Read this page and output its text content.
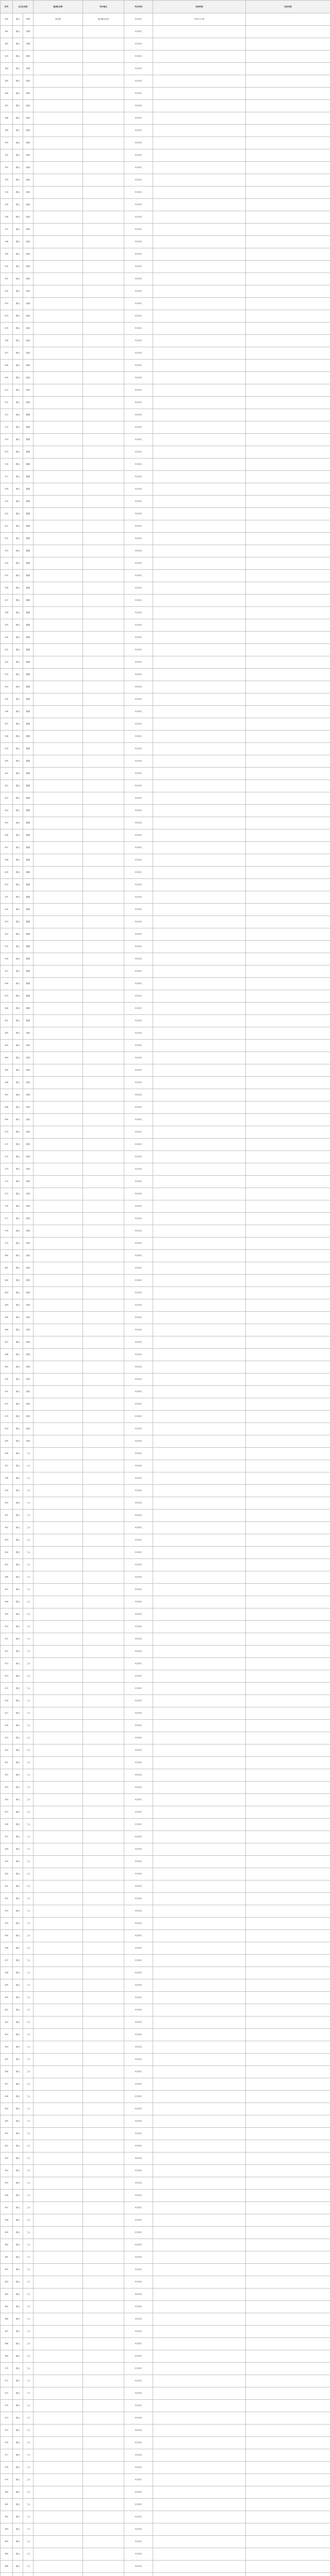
序号	区(县)名称		镇(街)名称	举办地点	举办时间	活动时段	活动名称	
180	佛山	禅城	南庄镇	南庄镇文化站	5月20日	9:30-11:30		
181	佛山	禅城			5月20日			
182	佛山	禅城			5月20日			
183	佛山	禅城			5月20日			
184	佛山	禅城			5月20日			
185	佛山	南海			5月20日			
186	佛山	南海			5月20日			
187	佛山	南海			5月20日			
188	佛山	南海			5月20日			
189	佛山	南海			5月20日			
190	佛山	南海			5月20日			
191	佛山	南海			5月20日			
192	佛山	南海			5月20日			
193	佛山	南海			5月20日			
194	佛山	南海			5月20日			
195	佛山	南海			5月20日			
196	佛山	南海			5月20日			
197	佛山	南海			5月20日			
198	佛山	南海			5月20日			
199	佛山	南海			5月20日			
200	佛山	南海			5月20日			
201	佛山	南海			5月20日			
202	佛山	南海			5月20日			
203	佛山	南海			5月20日			
204	佛山	南海			5月20日			
205	佛山	南海			5月20日			
206	佛山	南海			5月20日			
207	佛山	南海			5月20日			
208	佛山	南海			5月20日			
209	佛山	南海			5月20日			
210	佛山	南海			5月20日			
211	佛山	南海			5月20日			
212	佛山	顺德			5月20日			
213	佛山	顺德			5月20日			
214	佛山	顺德			5月20日			
215	佛山	顺德			5月20日			
216	佛山	顺德			5月20日			
217	佛山	顺德			5月20日			
218	佛山	顺德			5月20日			
219	佛山	顺德			5月20日			
220	佛山	顺德			5月20日			
221	佛山	顺德			5月20日			
222	佛山	顺德			5月20日			
223	佛山	顺德			5月20日			
224	佛山	顺德			5月20日			
225	佛山	顺德			5月20日			
226	佛山	顺德			5月20日			
227	佛山	顺德			5月20日			
228	佛山	顺德			5月20日			
229	佛山	顺德			5月20日			
230	佛山	顺德			5月20日			
231	佛山	顺德			5月20日			
232	佛山	顺德			5月20日			
233	佛山	顺德			5月20日			
234	佛山	顺德			5月20日			
235	佛山	顺德			5月20日			
236	佛山	顺德			5月20日			
237	佛山	顺德			5月20日			
238	佛山	顺德			5月20日			
239	佛山	顺德			5月20日			
240	佛山	顺德			5月20日			
241	佛山	顺德			5月20日			
242	佛山	顺德			5月20日			
243	佛山	顺德			5月20日			
244	佛山	顺德			5月20日			
245	佛山	顺德			5月20日			
246	佛山	顺德			5月20日			
247	佛山	顺德			5月20日			
248	佛山	顺德			5月20日			
249	佛山	顺德			5月20日			
250	佛山	顺德			5月20日			
251	佛山	顺德			5月20日			
252	佛山	顺德			5月20日			
253	佛山	顺德			5月20日			
254	佛山	顺德			5月20日			
255	佛山	顺德			5月20日			
256	佛山	顺德			5月20日			
257	佛山	顺德			5月20日			
258	佛山	顺德			5月20日			
259	佛山	顺德			5月20日			
260	佛山	顺德			5月20日			
261	佛山	顺德			5月20日			
262	佛山	高明			5月20日			
263	佛山	高明			5月20日			
264	佛山	高明			5月20日			
265	佛山	高明			5月20日			
266	佛山	高明			5月20日			
267	佛山	高明			5月20日			
268	佛山	高明			5月20日			
269	佛山	高明			5月20日			
270	佛山	高明			5月20日			
271	佛山	高明			5月20日			
272	佛山	高明			5月20日			
273	佛山	高明			5月20日			
274	佛山	高明			5月20日			
275	佛山	高明			5月20日			
276	佛山	高明			5月20日			
277	佛山	高明			5月20日			
278	佛山	高明			5月20日			
279	佛山	高明			5月20日			
280	佛山	高明			5月20日			
281	佛山	高明			5月20日			
282	佛山	高明			5月20日			
283	佛山	高明			5月20日			
284	佛山	高明			5月20日			
285	佛山	高明			5月20日			
286	佛山	高明			5月20日			
287	佛山	高明			5月20日			
288	佛山	高明			5月20日			
289	佛山	高明			5月20日			
290	佛山	高明			5月20日			
291	佛山	高明			5月20日			
292	佛山	高明			5月20日			
293	佛山	高明			5月20日			
294	佛山	高明			5月20日			
295	佛山	高明			5月20日			
296	佛山	三水			5月20日			
297	佛山	三水			5月20日			
298	佛山	三水			5月20日			
299	佛山	三水			5月20日			
300	佛山	三水			5月20日			
301	佛山	三水			5月20日			
302	佛山	三水			5月20日			
303	佛山	三水			5月20日			
304	佛山	三水			5月20日			
305	佛山	三水			5月20日			
306	佛山	三水			5月20日			
307	佛山	三水			5月20日			
308	佛山	三水			5月20日			
309	佛山	三水			5月20日			
310	佛山	三水			5月20日			
311	佛山	三水			5月20日			
312	佛山	三水			5月20日			
313	佛山	三水			5月20日			
314	佛山	三水			5月20日			
315	佛山	三水			5月20日			
316	佛山	三水			5月20日			
317	佛山	三水			5月20日			
318	佛山	三水			5月20日			
319	佛山	三水			5月20日			
320	佛山	三水			5月20日			
321	佛山	三水			5月20日			
322	佛山	三水			5月20日			
323	佛山	三水			5月20日			
324	佛山	三水			5月20日			
325	佛山	三水			5月20日			
326	佛山	三水			5月20日			
327	佛山	三水			5月20日			
328	佛山	三水			5月20日			
329	佛山	三水			5月20日			
330	佛山	三水			5月20日			
331	佛山	三水			5月20日			
332	佛山	三水			5月20日			
333	佛山	三水			5月20日			
334	佛山	三水			5月20日			
335	佛山	三水			5月20日			
336	佛山	三水			5月20日			
337	佛山	三水			5月20日			
338	佛山	三水			5月20日			
339	佛山	三水			5月20日			
340	佛山	三水			5月20日			
341	佛山	三水			5月20日			
342	佛山	三水			5月20日			
343	佛山	三水			5月20日			
344	佛山	三水			5月20日			
345	佛山	三水			5月20日			
346	佛山	三水			5月20日			
347	佛山	三水			5月20日			
348	佛山	三水			5月20日			
349	佛山	三水			5月20日			
350	佛山	三水			5月20日			
351	佛山	三水			5月20日			
352	佛山	三水			5月20日			
353	佛山	三水			5月20日			
354	佛山	三水			5月20日			
355	佛山	三水			5月20日			
356	佛山	三水			5月20日			
357	佛山	三水			5月20日			
358	佛山	三水			5月20日			
359	佛山	三水			5月20日			
360	佛山	三水			5月20日			
361	佛山	三水			5月20日			
362	佛山	三水			5月20日			
363	佛山	三水			5月20日			
364	佛山	三水			5月20日			
365	佛山	三水			5月20日			
366	佛山	三水			5月20日			
367	佛山	三水			5月20日			
368	佛山	三水			5月20日			
369	佛山	三水			5月20日			
370	佛山	三水			5月20日			
371	佛山	三水			5月20日			
372	佛山	三水			5月20日			
373	佛山	三水			5月20日			
374	佛山	三水			5月20日			
375	佛山	三水			5月20日			
376	佛山	三水			5月20日			
377	佛山	三水			5月20日			
378	佛山	三水			5月20日			
379	佛山	三水			5月20日			
380	佛山	三水			5月20日			
381	佛山	三水			5月20日			
382	佛山	三水			5月20日			
383	佛山	三水			5月20日			
384	佛山	三水			5月20日			
385	佛山	三水			5月20日			
386	佛山	三水			5月20日			
